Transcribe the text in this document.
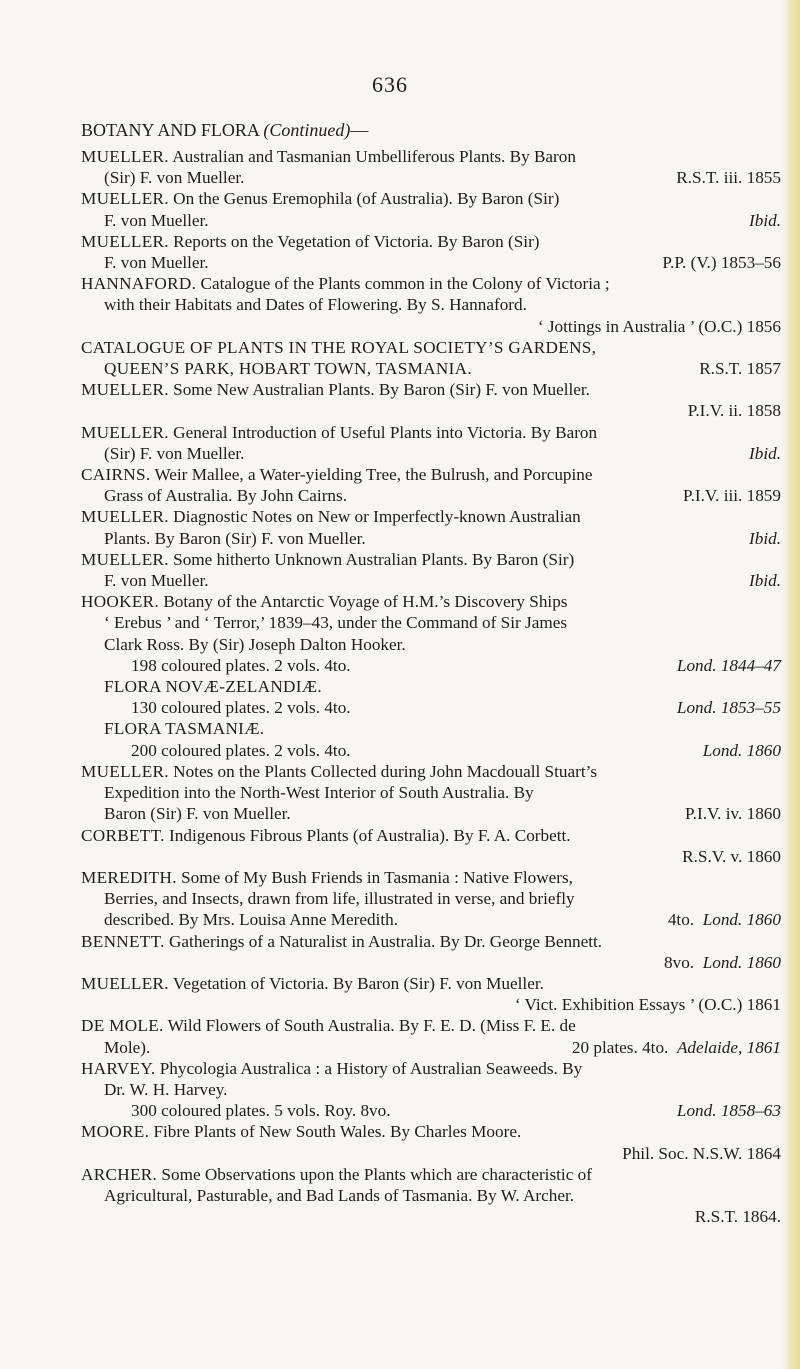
636
BOTANY AND FLORA (Continued)—
MUELLER. Australian and Tasmanian Umbelliferous Plants. By Baron
(Sir) F. von Mueller.	R.S.T. iii. 1855
MUELLER. On the Genus Eremophila (of Australia). By Baron (Sir)
F. von Mueller.	Ibid.
MUELLER. Reports on the Vegetation of Victoria. By Baron (Sir)
F. von Mueller.	P.P. (V.) 1853–56
HANNAFORD. Catalogue of the Plants common in the Colony of Victoria ;
with their Habitats and Dates of Flowering. By S. Hannaford.
‘ Jottings in Australia ’ (O.C.) 1856
CATALOGUE OF PLANTS IN THE ROYAL SOCIETY’S GARDENS,
QUEEN’S PARK, HOBART TOWN, TASMANIA.	R.S.T. 1857
MUELLER. Some New Australian Plants. By Baron (Sir) F. von Mueller.
P.I.V. ii. 1858
MUELLER. General Introduction of Useful Plants into Victoria. By Baron
(Sir) F. von Mueller.	Ibid.
CAIRNS. Weir Mallee, a Water-yielding Tree, the Bulrush, and Porcupine
Grass of Australia. By John Cairns.	P.I.V. iii. 1859
MUELLER. Diagnostic Notes on New or Imperfectly-known Australian
Plants. By Baron (Sir) F. von Mueller.	Ibid.
MUELLER. Some hitherto Unknown Australian Plants. By Baron (Sir)
F. von Mueller.	Ibid.
HOOKER. Botany of the Antarctic Voyage of H.M.’s Discovery Ships
‘ Erebus ’ and ‘ Terror,’ 1839–43, under the Command of Sir James
Clark Ross. By (Sir) Joseph Dalton Hooker.
198 coloured plates. 2 vols. 4to.	Lond. 1844–47
FLORA NOVÆ-ZELANDIÆ.
130 coloured plates. 2 vols. 4to.	Lond. 1853–55
FLORA TASMANIÆ.
200 coloured plates. 2 vols. 4to.	Lond. 1860
MUELLER. Notes on the Plants Collected during John Macdouall Stuart’s
Expedition into the North-West Interior of South Australia. By
Baron (Sir) F. von Mueller.	P.I.V. iv. 1860
CORBETT. Indigenous Fibrous Plants (of Australia). By F. A. Corbett.
R.S.V. v. 1860
MEREDITH. Some of My Bush Friends in Tasmania : Native Flowers,
Berries, and Insects, drawn from life, illustrated in verse, and briefly
described. By Mrs. Louisa Anne Meredith.	4to. Lond. 1860
BENNETT. Gatherings of a Naturalist in Australia. By Dr. George Bennett.
8vo. Lond. 1860
MUELLER. Vegetation of Victoria. By Baron (Sir) F. von Mueller.
‘ Vict. Exhibition Essays ’ (O.C.) 1861
DE MOLE. Wild Flowers of South Australia. By F. E. D. (Miss F. E. de
Mole).	20 plates. 4to. Adelaide, 1861
HARVEY. Phycologia Australica : a History of Australian Seaweeds. By
Dr. W. H. Harvey.
300 coloured plates. 5 vols. Roy. 8vo.	Lond. 1858–63
MOORE. Fibre Plants of New South Wales. By Charles Moore.
Phil. Soc. N.S.W. 1864
ARCHER. Some Observations upon the Plants which are characteristic of
Agricultural, Pasturable, and Bad Lands of Tasmania. By W. Archer.
R.S.T. 1864.
